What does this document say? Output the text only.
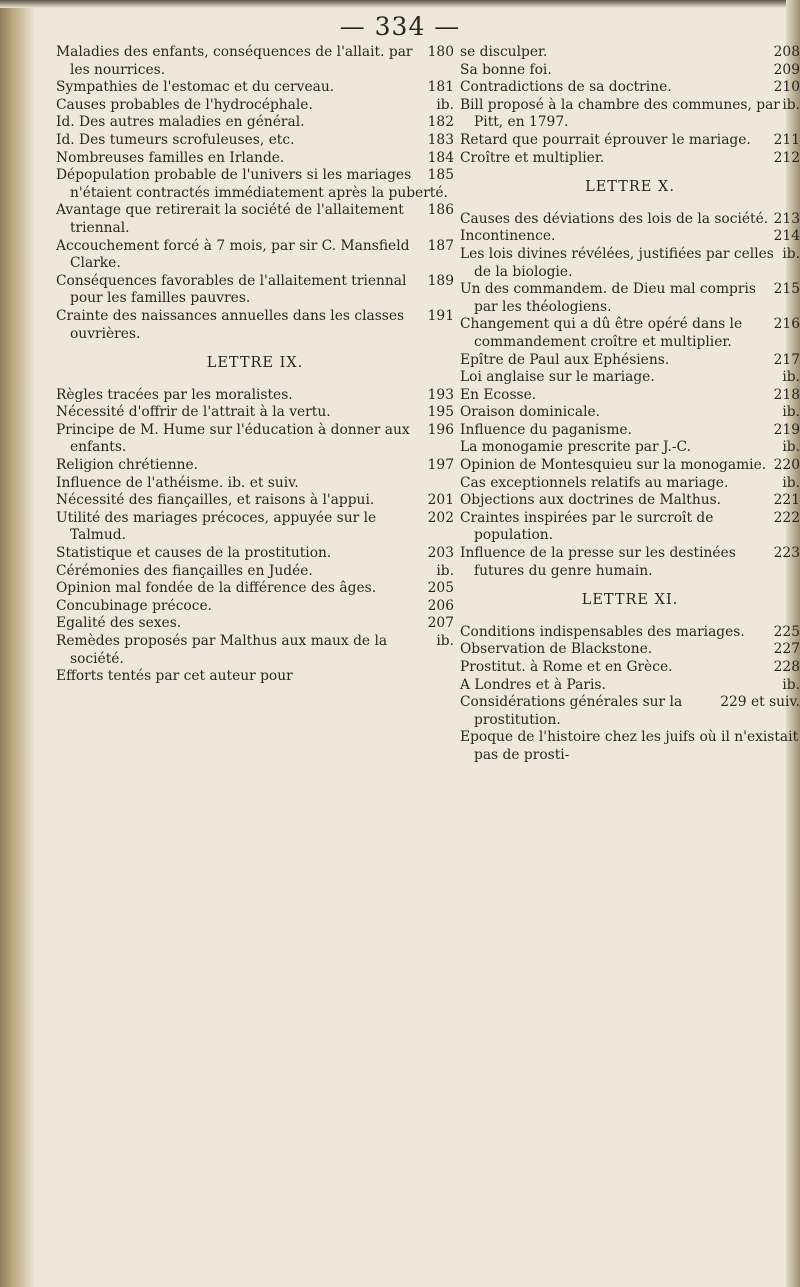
— 334 —
180
Maladies des enfants, conséquences de l'allait. par les nourrices.
181
Sympathies de l'estomac et du cerveau.
ib.
Causes probables de l'hydrocéphale.
182
Id. Des autres maladies en général.
183
Id. Des tumeurs scrofuleuses, etc.
184
Nombreuses familles en Irlande.
185
Dépopulation probable de l'univers si les mariages n'étaient contractés immédiatement après la puberté.
186
Avantage que retirerait la société de l'allaitement triennal.
187
Accouchement forcé à 7 mois, par sir C. Mansfield Clarke.
189
Conséquences favorables de l'allaitement triennal pour les familles pauvres.
191
Crainte des naissances annuelles dans les classes ouvrières.
LETTRE IX.
193
Règles tracées par les moralistes.
195
Nécessité d'offrir de l'attrait à la vertu.
196
Principe de M. Hume sur l'éducation à donner aux enfants.
197
Religion chrétienne.
Influence de l'athéisme. ib. et suiv.
201
Nécessité des fiançailles, et raisons à l'appui.
202
Utilité des mariages précoces, appuyée sur le Talmud.
203
Statistique et causes de la prostitution.
ib.
Cérémonies des fiançailles en Judée.
205
Opinion mal fondée de la différence des âges.
206
Concubinage précoce.
207
Egalité des sexes.
ib.
Remèdes proposés par Malthus aux maux de la société.
Efforts tentés par cet auteur pour
208
se disculper.
209
Sa bonne foi.
210
Contradictions de sa doctrine.
ib.
Bill proposé à la chambre des communes, par Pitt, en 1797.
211
Retard que pourrait éprouver le mariage.
212
Croître et multiplier.
LETTRE X.
213
Causes des déviations des lois de la société.
214
Incontinence.
ib.
Les lois divines révélées, justifiées par celles de la biologie.
215
Un des commandem. de Dieu mal compris par les théologiens.
216
Changement qui a dû être opéré dans le commandement croître et multiplier.
217
Epître de Paul aux Ephésiens.
ib.
Loi anglaise sur le mariage.
218
En Ecosse.
ib.
Oraison dominicale.
219
Influence du paganisme.
ib.
La monogamie prescrite par J.-C.
220
Opinion de Montesquieu sur la monogamie.
ib.
Cas exceptionnels relatifs au mariage.
221
Objections aux doctrines de Malthus.
222
Craintes inspirées par le surcroît de population.
223
Influence de la presse sur les destinées futures du genre humain.
LETTRE XI.
225
Conditions indispensables des mariages.
227
Observation de Blackstone.
228
Prostitut. à Rome et en Grèce.
ib.
A Londres et à Paris.
229 et suiv.
Considérations générales sur la prostitution.
Epoque de l'histoire chez les juifs où il n'existait pas de prosti-
